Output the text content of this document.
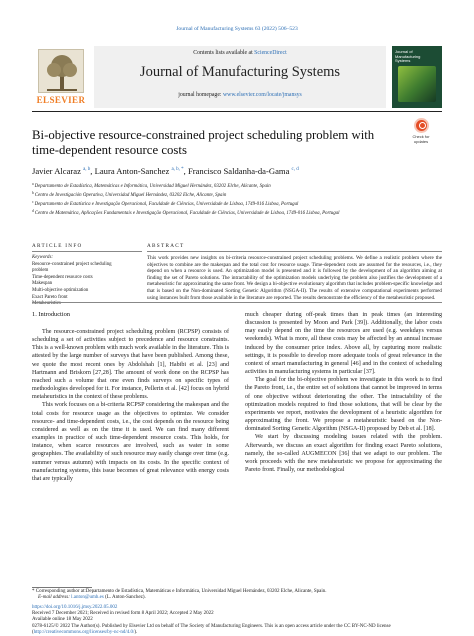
Journal of Manufacturing Systems 63 (2022) 506–523
ELSEVIER
Contents lists available at ScienceDirect
Journal of Manufacturing Systems
journal homepage: www.elsevier.com/locate/jmansys
Journal of
Manufacturing
Systems
Bi-objective resource-constrained project scheduling problem with
time-dependent resource costs
Check for
updates
Javier Alcaraz $^{a, b}$, Laura Anton-Sanchez $^{a, b, *}$, Francisco Saldanha-da-Gama $^{c, d}$
$^a$Departamento de Estadística, Matemáticas e Informática, Universidad Miguel Hernández, 03202 Elche, Alicante, Spain
$^b$Centro de Investigación Operativa, Universidad Miguel Hernández, 03202 Elche, Alicante, Spain
$^c$Departamento de Estatística e Investigação Operacional, Faculdade de Ciências, Universidade de Lisboa, 1749-016 Lisboa, Portugal
$^d$Centro de Matemática, Aplicações Fundamentais e Investigação Operacional, Faculdade de Ciências, Universidade de Lisboa, 1749-016 Lisboa, Portugal
ARTICLE INFO	ABSTRACT
Keywords:
Resource-constrained project scheduling
problem
Time-dependent resource costs
Makespan
Multi-objective optimization
Exact Pareto front
Metaheuristics
This work provides new insights on bi-criteria resource-constrained project scheduling problems. We define a realistic problem where the objectives to combine are the makespan and the total cost for resource usage. Time-dependent costs are assumed for the resources, i.e., they depend on when a resource is used. An optimization model is presented and it is followed by the development of an algorithm aiming at finding the set of Pareto solutions. The intractability of the optimization models underlying the problem also justifies the development of a metaheuristic for approximating the same front. We design a bi-objective evolutionary algorithm that includes problem-specific knowledge and that is based on the Non-dominated Sorting Genetic Algorithm (NSGA-II). The results of extensive computational experiments performed using instances built from those available in the literature are reported. The results demonstrate the efficiency of the metaheuristic proposed.
1. Introduction

The resource-constrained project scheduling problem (RCPSP) consists of scheduling a set of activities subject to precedence and resource constraints. This is a well-known problem with much work available in the literature. This is attested by the large number of surveys that have been published. Among these, we quote the most recent ones by Abdolshah [1], Habibi et al. [23] and Hartmann and Briskorn [27,28]. The amount of work done on the RCPSP has reached such a volume that one even finds surveys on specific types of methodologies developed for it. For instance, Pellerin et al. [42] focus on hybrid metaheuristics in the context of these problems.

This work focuses on a bi-criteria RCPSP considering the makespan and the total costs for resource usage as the objectives to optimize. We consider resource- and time-dependent costs, i.e., the cost depends on the resource being considered as well as on the time it is used. We can find many different examples in practice of such time-dependent resource costs. This holds, for instance, when scarce resources are involved, such as water in some geographies. The availability of such resource may easily change over time (e.g. summer versus autumn) with impacts on its costs. In the specific context of manufacturing systems, this issue becomes of great relevance with energy costs that are typically

much cheaper during off-peak times than in peak times (an interesting discussion is presented by Moon and Park [39]). Additionally, the labor costs may easily depend on the time the resources are used (e.g. weekdays versus weekends). What is more, all these costs may be affected by an annual increase induced by the consumer price index. Above all, by capturing more realistic settings, it is possible to develop more adequate tools of great relevance in the context of smart manufacturing in general [46] and in the context of scheduling activities in manufacturing systems in particular [37].

The goal for the bi-objective problem we investigate in this work is to find the Pareto front, i.e., the entire set of solutions that cannot be improved in terms of one objective without deteriorating the other. The intractability of the optimization models required to find those solutions, that will be clear by the experiments we report, motivates the development of a heuristic algorithm for approximating the front. We propose a metaheuristic based on the Non-dominated Sorting Genetic Algorithm (NSGA-II) proposed by Deb et al. [18].

We start by discussing modeling issues related with the problem. Afterwards, we discuss an exact algorithm for finding exact Pareto solutions, namely, the so-called AUGMECON [36] that we adapt to our problem. The work proceeds with the new metaheuristic we propose for approximating the Pareto front. Finally, our methodological

* Corresponding author at:Departamento de Estadística, Matemáticas e Informática, Universidad Miguel Hernández, 03202 Elche, Alicante, Spain.
E-mail address: l.anton@umh.es (L. Anton-Sanchez).
https://doi.org/10.1016/j.jmsy.2022.05.002
Received 7 December 2021; Received in revised form 8 April 2022; Accepted 2 May 2022
Available online 18 May 2022
0278-6125/© 2022 The Author(s). Published by Elsevier Ltd on behalf of The Society of Manufacturing Engineers. This is an open access article under the CC BY-NC-ND license (http://creativecommons.org/licenses/by-nc-nd/4.0/).
